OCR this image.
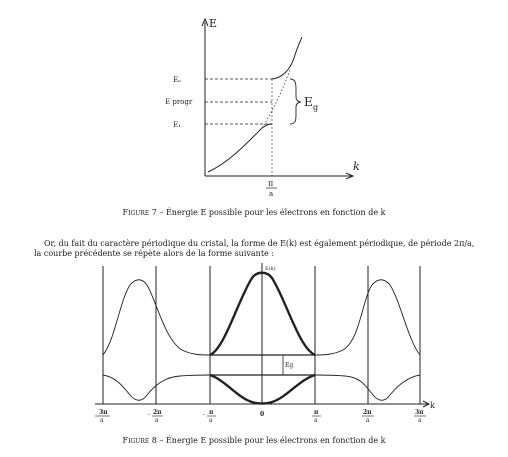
E
k
Eₒ
E progr
E₁
E g
π
a
E(k)
k
Eg
3π
a
- 2π
a
- π
a
0	π
a
2π
a
3π
a
Figure 7 – Énergie E possible pour les électrons en fonction de k
Or, du fait du caractère périodique du cristal, la forme de E(k) est également périodique, de période 2π/a, la courbe précédente se répète alors de la forme suivante :
Figure 8 – Énergie E possible pour les électrons en fonction de k
